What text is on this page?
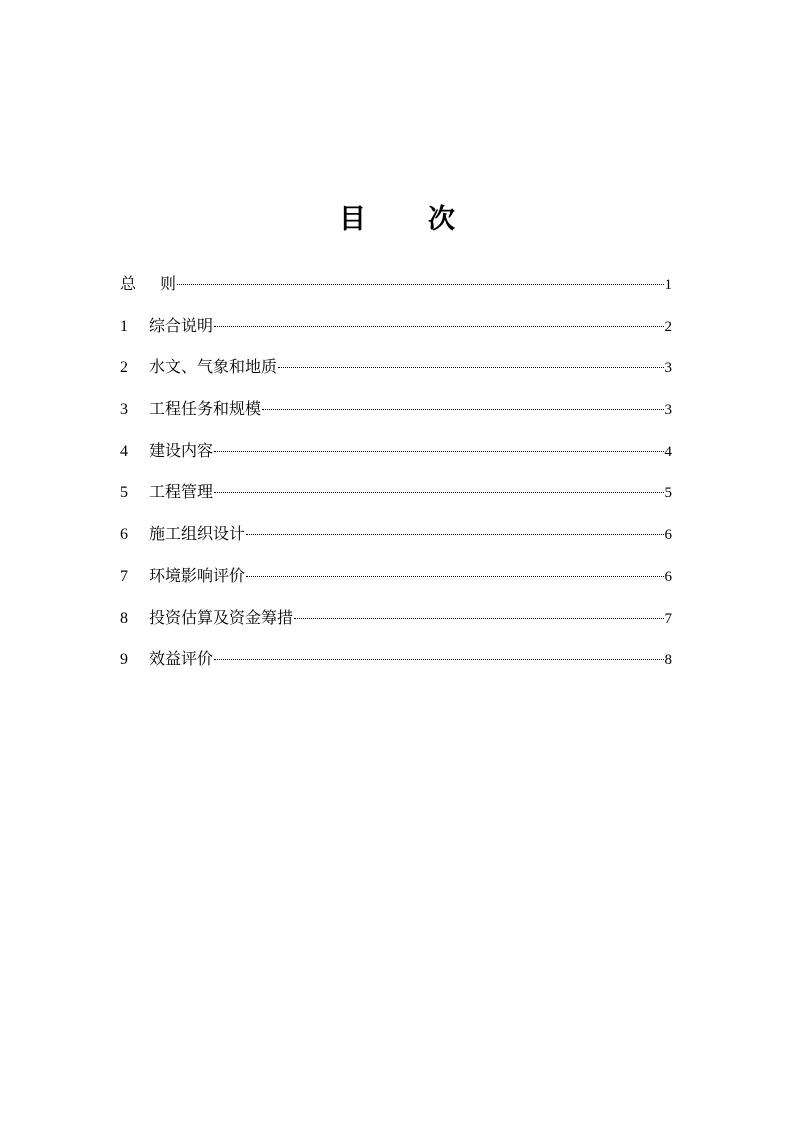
目 次
总 则	1
1	综合说明	2
2	水文、气象和地质	3
3	工程任务和规模	3
4	建设内容	4
5	工程管理	5
6	施工组织设计	6
7	环境影响评价	6
8	投资估算及资金筹措	7
9	效益评价	8
